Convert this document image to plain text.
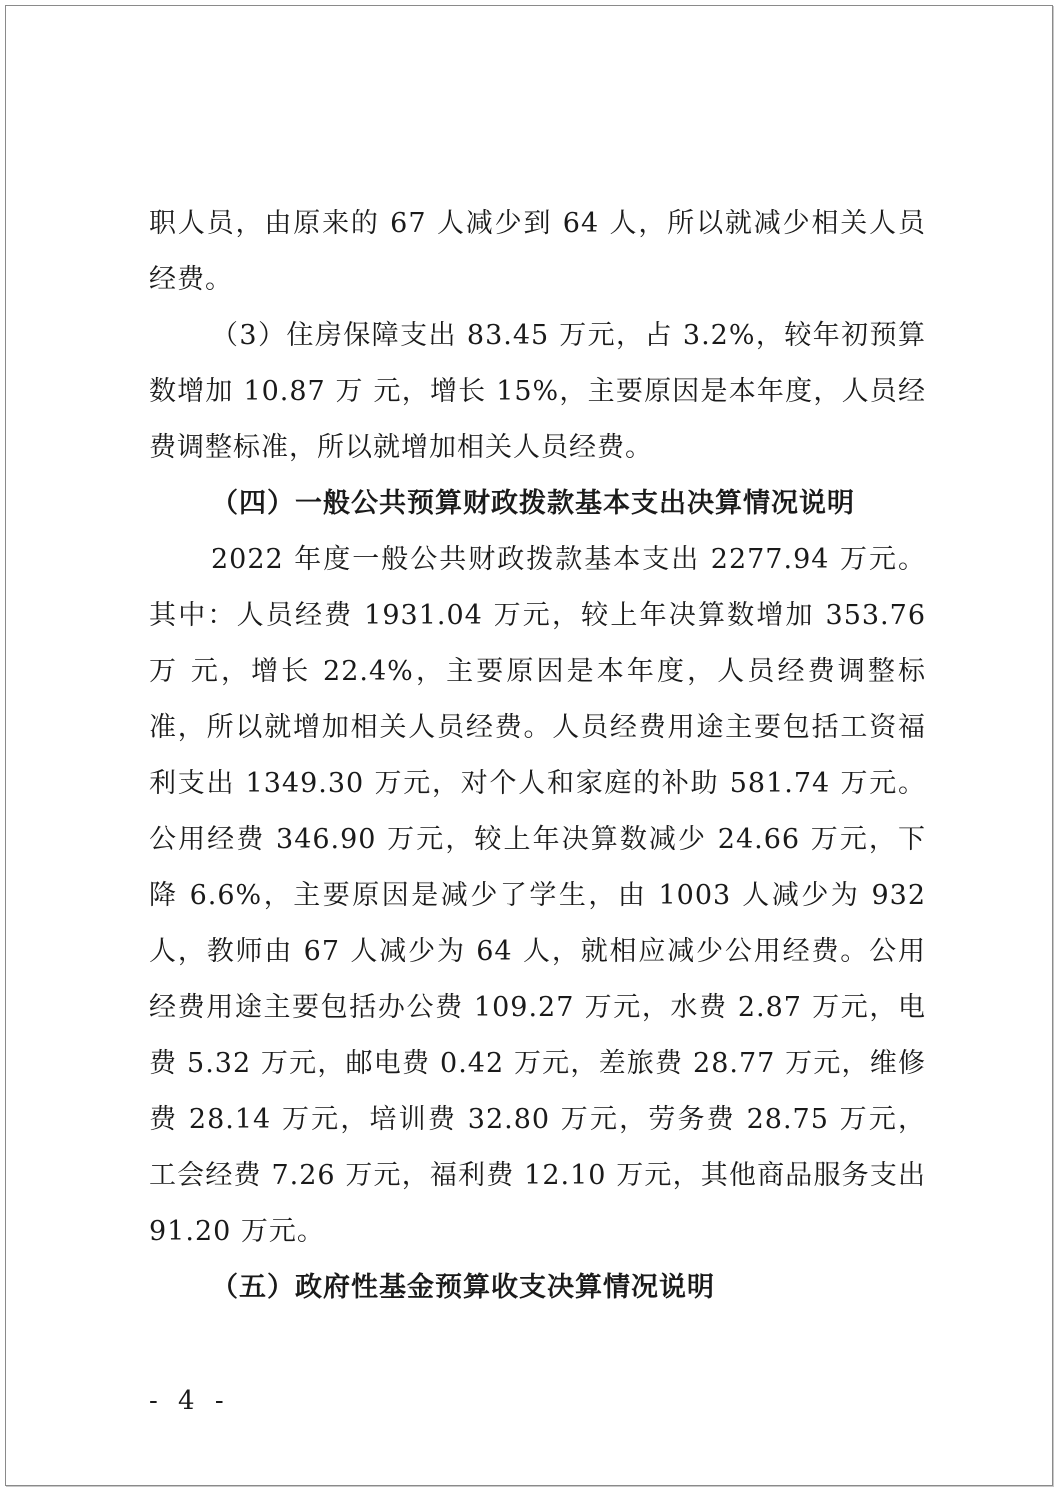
职人员，由原来的 67 人减少到 64 人，所以就减少相关人员经费。

（3）住房保障支出 83.45 万元，占 3.2%，较年初预算数增加 10.87 万 元，增长 15%，主要原因是本年度，人员经费调整标准，所以就增加相关人员经费。

（四）一般公共预算财政拨款基本支出决算情况说明

2022 年度一般公共财政拨款基本支出 2277.94 万元。其中：人员经费 1931.04 万元，较上年决算数增加 353.76 万 元，增长 22.4%，主要原因是本年度，人员经费调整标准，所以就增加相关人员经费。人员经费用途主要包括工资福利支出 1349.30 万元，对个人和家庭的补助 581.74 万元。公用经费 346.90 万元，较上年决算数减少 24.66 万元，下降 6.6%，主要原因是减少了学生，由 1003 人减少为 932 人，教师由 67 人减少为 64 人，就相应减少公用经费。公用经费用途主要包括办公费 109.27 万元，水费 2.87 万元，电费 5.32 万元，邮电费 0.42 万元，差旅费 28.77 万元，维修费 28.14 万元，培训费 32.80 万元，劳务费 28.75 万元，工会经费 7.26 万元，福利费 12.10 万元，其他商品服务支出 91.20 万元。

（五）政府性基金预算收支决算情况说明

- 4 -
